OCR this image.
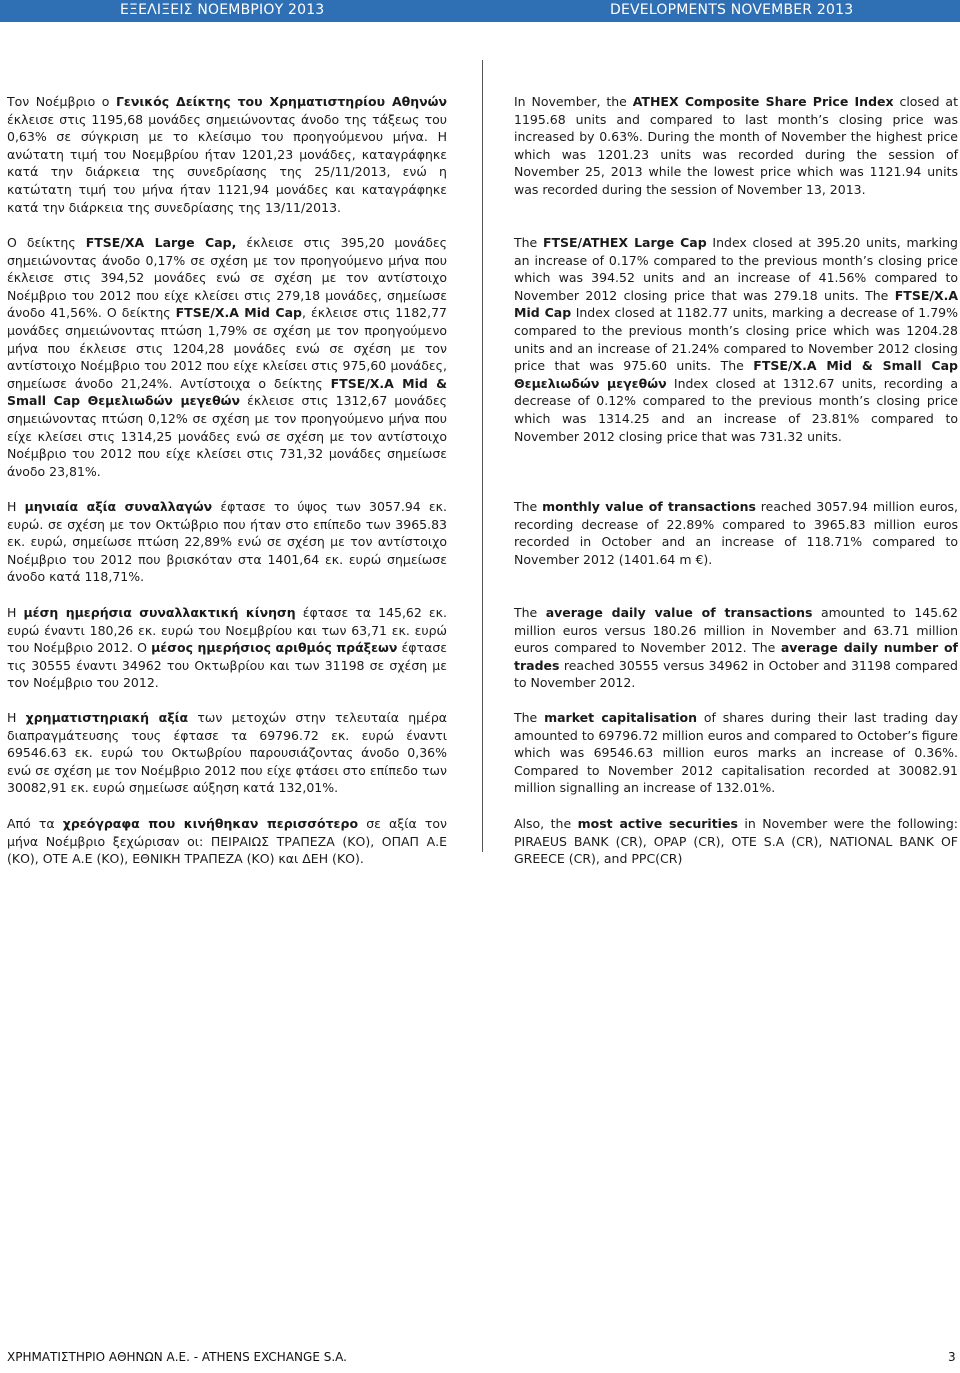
ΕΞΕΛΙΞΕΙΣ ΝΟΕΜΒΡΙΟΥ 2013	DEVELOPMENTS NOVEMBER 2013

Τον Νοέμβριο ο Γενικός Δείκτης του Χρηματιστηρίου Αθηνών έκλεισε στις 1195,68 μονάδες σημειώνοντας άνοδο της τάξεως του 0,63% σε σύγκριση με το κλείσιμο του προηγούμενου μήνα. Η ανώτατη τιμή του Νοεμβρίου ήταν 1201,23 μονάδες, καταγράφηκε κατά την διάρκεια της συνεδρίασης της 25/11/2013, ενώ η κατώτατη τιμή του μήνα ήταν 1121,94 μονάδες και καταγράφηκε κατά την διάρκεια της συνεδρίασης της 13/11/2013.

Ο δείκτης FTSE/XA Large Cap, έκλεισε στις 395,20 μονάδες σημειώνοντας άνοδο 0,17% σε σχέση με τον προηγούμενο μήνα που έκλεισε στις 394,52 μονάδες ενώ σε σχέση με τον αντίστοιχο Νοέμβριο του 2012 που είχε κλείσει στις 279,18 μονάδες, σημείωσε άνοδο 41,56%. Ο δείκτης FTSE/X.A Mid Cap, έκλεισε στις 1182,77 μονάδες σημειώνοντας πτώση 1,79% σε σχέση με τον προηγούμενο μήνα που έκλεισε στις 1204,28 μονάδες ενώ σε σχέση με τον αντίστοιχο Νοέμβριο του 2012 που είχε κλείσει στις 975,60 μονάδες, σημείωσε άνοδο 21,24%. Αντίστοιχα ο δείκτης FTSE/X.A Mid & Small Cap Θεμελιωδών μεγεθών έκλεισε στις 1312,67 μονάδες σημειώνοντας πτώση 0,12% σε σχέση με τον προηγούμενο μήνα που είχε κλείσει στις 1314,25 μονάδες ενώ σε σχέση με τον αντίστοιχο Νοέμβριο του 2012 που είχε κλείσει στις 731,32 μονάδες σημείωσε άνοδο 23,81%.

Η μηνιαία αξία συναλλαγών έφτασε το ύψος των 3057.94 εκ. ευρώ. σε σχέση με τον Οκτώβριο που ήταν στο επίπεδο των 3965.83 εκ. ευρώ, σημείωσε πτώση 22,89% ενώ σε σχέση με τον αντίστοιχο Νοέμβριο του 2012 που βρισκόταν στα 1401,64 εκ. ευρώ σημείωσε άνοδο κατά 118,71%.

Η μέση ημερήσια συναλλακτική κίνηση έφτασε τα 145,62 εκ. ευρώ έναντι 180,26 εκ. ευρώ του Νοεμβρίου και των 63,71 εκ. ευρώ του Νοέμβριο 2012. Ο μέσος ημερήσιος αριθμός πράξεων έφτασε τις 30555 έναντι 34962 του Οκτωβρίου και των 31198 σε σχέση με τον Νοέμβριο του 2012.

Η χρηματιστηριακή αξία των μετοχών στην τελευταία ημέρα διαπραγμάτευσης τους έφτασε τα 69796.72 εκ. ευρώ έναντι 69546.63 εκ. ευρώ του Οκτωβρίου παρουσιάζοντας άνοδο 0,36% ενώ σε σχέση με τον Νοέμβριο 2012 που είχε φτάσει στο επίπεδο των 30082,91 εκ. ευρώ σημείωσε αύξηση κατά 132,01%.

Από τα χρεόγραφα που κινήθηκαν περισσότερο σε αξία τον μήνα Νοέμβριο ξεχώρισαν οι: ΠΕΙΡΑΙΩΣ ΤΡΑΠΕΖΑ (ΚΟ), ΟΠΑΠ Α.Ε (ΚΟ), ΟΤΕ Α.Ε (ΚΟ), ΕΘΝΙΚΗ ΤΡΑΠΕΖΑ (ΚΟ) και ΔΕΗ (ΚΟ).

In November, the ATHEX Composite Share Price Index closed at 1195.68 units and compared to last month’s closing price was increased by 0.63%. During the month of November the highest price which was 1201.23 units was recorded during the session of November 25, 2013 while the lowest price which was 1121.94 units was recorded during the session of November 13, 2013.

The FTSE/ATHEX Large Cap Index closed at 395.20 units, marking an increase of 0.17% compared to the previous month’s closing price which was 394.52 units and an increase of 41.56% compared to November 2012 closing price that was 279.18 units. The FTSE/X.A Mid Cap Index closed at 1182.77 units, marking a decrease of 1.79% compared to the previous month’s closing price which was 1204.28 units and an increase of 21.24% compared to November 2012 closing price that was 975.60 units. The FTSE/X.A Mid & Small Cap Θεμελιωδών μεγεθών Index closed at 1312.67 units, recording a decrease of 0.12% compared to the previous month’s closing price which was 1314.25 and an increase of 23.81% compared to November 2012 closing price that was 731.32 units.

The monthly value of transactions reached 3057.94 million euros, recording decrease of 22.89% compared to 3965.83 million euros recorded in October and an increase of 118.71% compared to November 2012 (1401.64 m €).

The average daily value of transactions amounted to 145.62 million euros versus 180.26 million in November and 63.71 million euros compared to November 2012. The average daily number of trades reached 30555 versus 34962 in October and 31198 compared to November 2012.

The market capitalisation of shares during their last trading day amounted to 69796.72 million euros and compared to October’s figure which was 69546.63 million euros marks an increase of 0.36%. Compared to November 2012 capitalisation recorded at 30082.91 million signalling an increase of 132.01%.

Also, the most active securities in November were the following: PIRAEUS BANK (CR), OPAP (CR), OTE S.A (CR), NATIONAL BANK OF GREECE (CR), and PPC(CR)

ΧΡΗΜΑΤΙΣΤΗΡΙΟ ΑΘΗΝΩΝ Α.Ε. - ATHENS EXCHANGE S.A.	3
